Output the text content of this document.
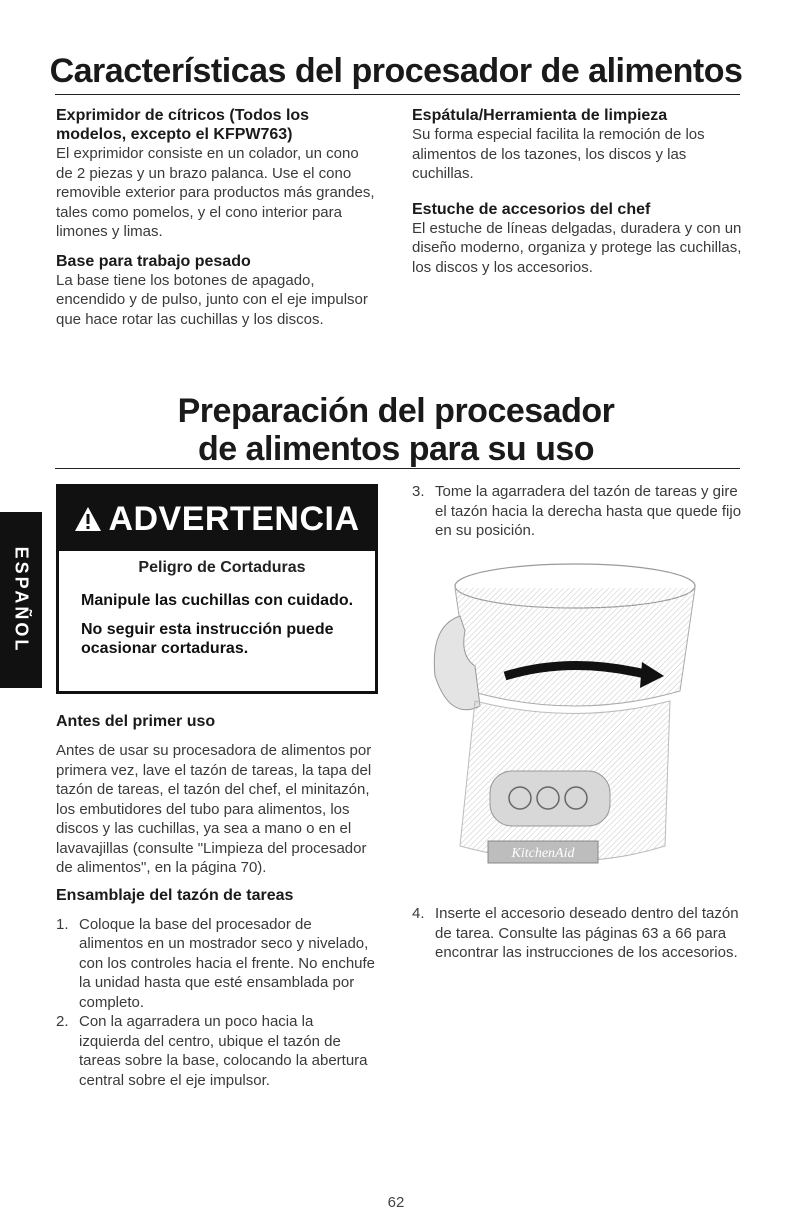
Características del procesador de alimentos
Exprimidor de cítricos (Todos los modelos, excepto el KFPW763)

El exprimidor consiste en un colador, un cono de 2 piezas y un brazo palanca. Use el cono removible exterior para productos más grandes, tales como pomelos, y el cono interior para limones y limas.

Base para trabajo pesado

La base tiene los botones de apagado, encendido y de pulso, junto con el eje impulsor que hace rotar las cuchillas y los discos.

Espátula/Herramienta de limpieza

Su forma especial facilita la remoción de los alimentos de los tazones, los discos y las cuchillas.

Estuche de accesorios del chef

El estuche de líneas delgadas, duradera y con un diseño moderno, organiza y protege las cuchillas, los discos y los accesorios.

Preparación del procesador
de alimentos para su uso
ESPAÑOL
ADVERTENCIA
Peligro de Cortaduras
Manipule las cuchillas con cuidado.
No seguir esta instrucción puede ocasionar cortaduras.
Antes del primer uso

Antes de usar su procesadora de alimentos por primera vez, lave el tazón de tareas, la tapa del tazón de tareas, el tazón del chef, el minitazón, los embutidores del tubo para alimentos, los discos y las cuchillas, ya sea a mano o en el lavavajillas (consulte "Limpieza del procesador de alimentos", en la página 70).

Ensamblaje del tazón de tareas
1. Coloque la base del procesador de alimentos en un mostrador seco y nivelado, con los controles hacia el frente. No enchufe la unidad hasta que esté ensamblada por completo.
2. Con la agarradera un poco hacia la izquierda del centro, ubique el tazón de tareas sobre la base, colocando la abertura central sobre el eje impulsor.
3. Tome la agarradera del tazón de tareas y gire el tazón hacia la derecha hasta que quede fijo en su posición.
KitchenAid
4. Inserte el accesorio deseado dentro del tazón de tarea. Consulte las páginas 63 a 66 para encontrar las instrucciones de los accesorios.
62
